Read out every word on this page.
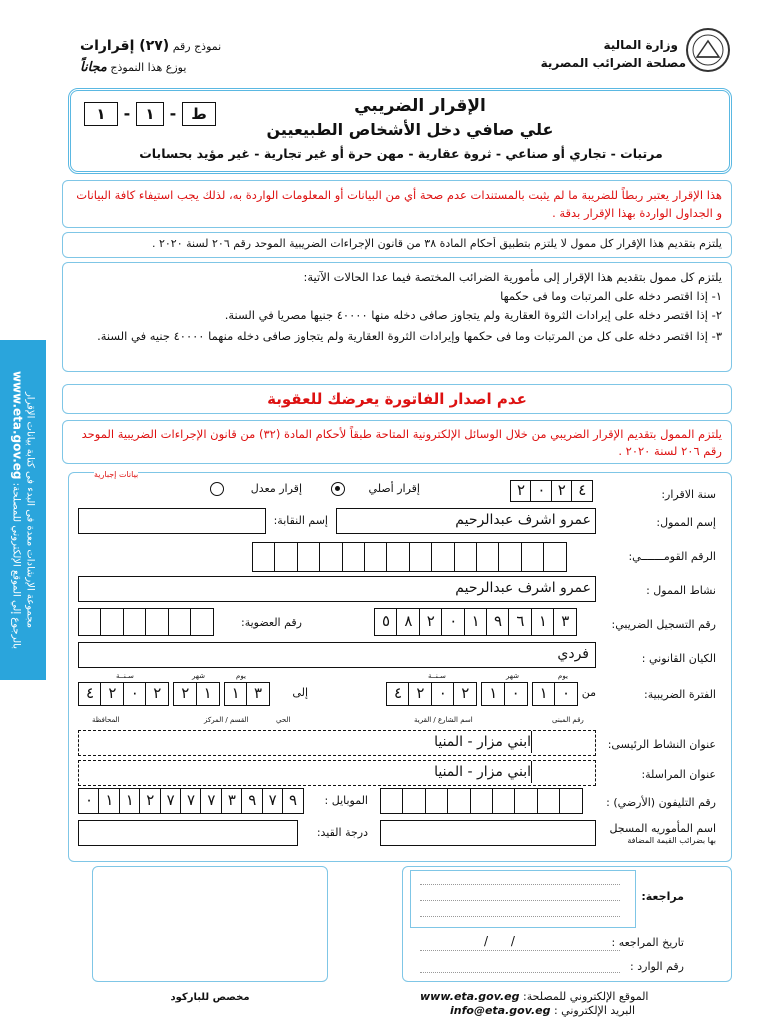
وزارة المالية
مصلحة الضرائب المصرية
نموذج رقم (٢٧) إقرارات
يوزع هذا النموذج مجاناً
١	-	١ - ط	الإقرار الضريبي
علي صافي دخل الأشخاص الطبيعيين
مرتبات - تجاري أو صناعي - ثروة عقارية - مهن حرة أو غير تجارية - غير مؤيد بحسابات
هذا الإقرار يعتبر ربطاً للضريبة ما لم يثبت بالمستندات عدم صحة أي من البيانات أو المعلومات الواردة به، لذلك يجب استيفاء كافة البيانات و الجداول الواردة بهذا الإقرار بدقة .
يلتزم بتقديم هذا الإقرار كل ممول لا يلتزم بتطبيق أحكام المادة ٣٨ من قانون الإجراءات الضريبية الموحد رقم ٢٠٦ لسنة ٢٠٢٠ .
يلتزم كل ممول بتقديم هذا الإقرار إلى مأمورية الضرائب المختصة فيما عدا الحالات الآتية:
١- إذا اقتصر دخله على المرتبات وما فى حكمها
٢- إذا اقتصر دخله على إيرادات الثروة العقارية ولم يتجاوز صافى دخله منها ٤٠٠٠٠ جنيها مصريا في السنة.
٣- إذا اقتصر دخله على كل من المرتبات وما فى حكمها وإيرادات الثروة العقارية ولم يتجاوز صافى دخله منهما ٤٠٠٠٠ جنيه في السنة.
عدم اصدار الفاتورة يعرضك للعقوبة
يلتزم الممول بتقديم الإقرار الضريبي من خلال الوسائل الإلكترونية المتاحة طبقاً لأحكام المادة (٣٢) من قانون الإجراءات الضريبية الموحد رقم ٢٠٦ لسنة ٢٠٢٠ .
بيانات إجبارية
سنة الاقرار:
٢ ٠ ٢ ٤
إقرار أصلي
إقرار معدل
إسم الممول:
عمرو اشرف عبدالرحيم
إسم النقابة:
الرقم القومـــــــي:
نشاط الممول :
عمرو اشرف عبدالرحيم
رقم التسجيل الضريبي:
٥ ٨ ٢ ٠ ١ ٩ ٦ ١ ٣
رقم العضوية:
الكيان القانوني :
فردي
الفترة الضريبية:
من
إلى
يوم
شهر
سـنــة
يوم
شهر
سـنــة
٤ ٢ ٠ ٢	١ ٠	١ ٠
٤ ٢ ٠ ٢	٢ ١	١ ٣
رقم المبنى
اسم الشارع / القرية
الحي
القسم / المركز
المحافظة
عنوان النشاط الرئيسى:
ابني مزار - المنيا
عنوان المراسلة:
ابني مزار - المنيا
رقم التليفون (الأرضي) :
الموبايل :
٠ ١ ١ ٢ ٧ ٧ ٧ ٣ ٩ ٧ ٩
اسم المأموريه المسجل
بها بضرائب القيمة المضافة
درجة القيد:
مراجعة:
تاريخ المراجعه :
/      /
رقم الوارد :
مخصص للباركود	www.eta.gov.eg الموقع الإلكتروني للمصلحة:
info@eta.gov.eg البريد الإلكتروني :
مجموعة الإرشادات معدة فى البدء فى كتابة بيانات الإقرار
بالرجوع إلي الموقع الإلكتروني للمصلحة: www.eta.gov.eg
